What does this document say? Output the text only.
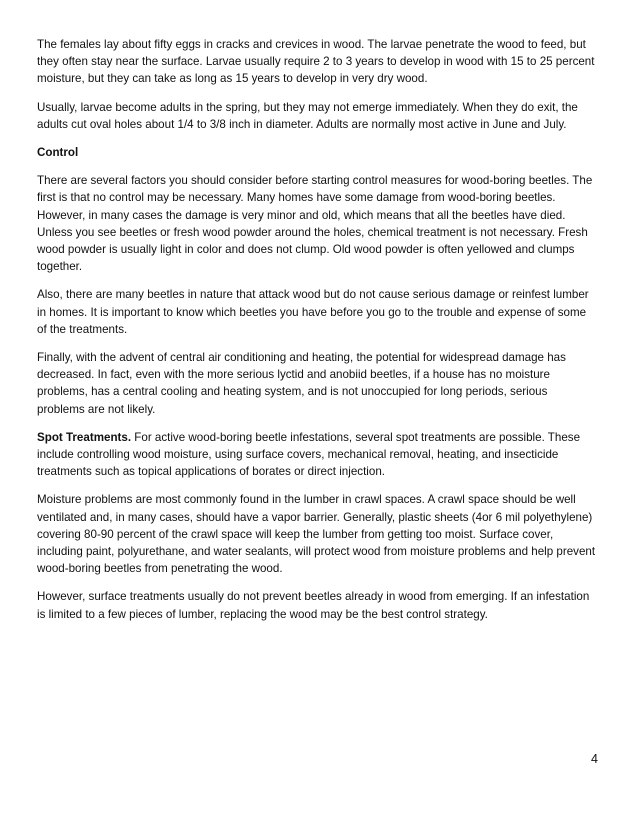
The females lay about fifty eggs in cracks and crevices in wood. The larvae penetrate the wood to feed, but they often stay near the surface. Larvae usually require 2 to 3 years to develop in wood with 15 to 25 percent moisture, but they can take as long as 15 years to develop in very dry wood.

Usually, larvae become adults in the spring, but they may not emerge immediately. When they do exit, the adults cut oval holes about 1/4 to 3/8 inch in diameter. Adults are normally most active in June and July.

Control

There are several factors you should consider before starting control measures for wood-boring beetles. The first is that no control may be necessary. Many homes have some damage from wood-boring beetles. However, in many cases the damage is very minor and old, which means that all the beetles have died. Unless you see beetles or fresh wood powder around the holes, chemical treatment is not necessary. Fresh wood powder is usually light in color and does not clump. Old wood powder is often yellowed and clumps together.

Also, there are many beetles in nature that attack wood but do not cause serious damage or reinfest lumber in homes. It is important to know which beetles you have before you go to the trouble and expense of some of the treatments.

Finally, with the advent of central air conditioning and heating, the potential for widespread damage has decreased. In fact, even with the more serious lyctid and anobiid beetles, if a house has no moisture problems, has a central cooling and heating system, and is not unoccupied for long periods, serious problems are not likely.

Spot Treatments. For active wood-boring beetle infestations, several spot treatments are possible. These include controlling wood moisture, using surface covers, mechanical removal, heating, and insecticide treatments such as topical applications of borates or direct injection.

Moisture problems are most commonly found in the lumber in crawl spaces. A crawl space should be well ventilated and, in many cases, should have a vapor barrier. Generally, plastic sheets (4or 6 mil polyethylene) covering 80-90 percent of the crawl space will keep the lumber from getting too moist. Surface cover, including paint, polyurethane, and water sealants, will protect wood from moisture problems and help prevent wood-boring beetles from penetrating the wood.

However, surface treatments usually do not prevent beetles already in wood from emerging. If an infestation is limited to a few pieces of lumber, replacing the wood may be the best control strategy.

4
